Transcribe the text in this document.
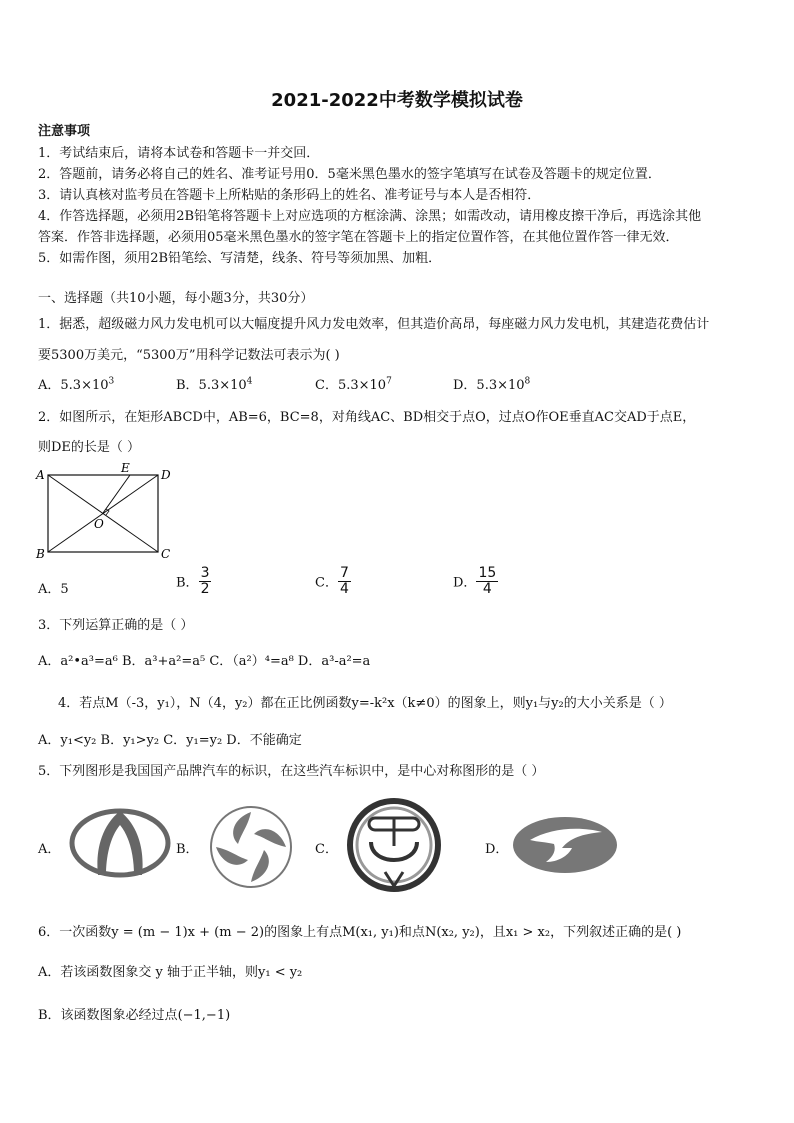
2021-2022中考数学模拟试卷
注意事项
1．考试结束后，请将本试卷和答题卡一并交回．
2．答题前，请务必将自己的姓名、准考证号用0．5毫米黑色墨水的签字笔填写在试卷及答题卡的规定位置．
3．请认真核对监考员在答题卡上所粘贴的条形码上的姓名、准考证号与本人是否相符．
4．作答选择题，必须用2B铅笔将答题卡上对应选项的方框涂满、涂黑；如需改动，请用橡皮擦干净后，再选涂其他
答案．作答非选择题，必须用05毫米黑色墨水的签字笔在答题卡上的指定位置作答，在其他位置作答一律无效．
5．如需作图，须用2B铅笔绘、写清楚，线条、符号等须加黑、加粗．
一、选择题（共10小题，每小题3分，共30分）
1．据悉，超级磁力风力发电机可以大幅度提升风力发电效率，但其造价高昂，每座磁力风力发电机，其建造花费估计
要5300万美元，“5300万”用科学记数法可表示为( )
A．$5.3\times 10^3$	B．$5.3\times 10^4$	C．$5.3\times 10^7$	D．$5.3\times 10^8$
2．如图所示，在矩形ABCD中，AB=6，BC=8，对角线AC、BD相交于点O，过点O作OE垂直AC交AD于点E，
则DE的长是（ ）
A
B	C
D
E
O
A．5	B． $\frac{3}{2}$	C． $\frac{7}{4}$	D． $\frac{15}{4}$
3．下列运算正确的是（ ）
A．a²•a³=a⁶ B．a³+a²=a⁵ C．（a²）⁴=a⁸ D．a³-a²=a
4．若点M（-3，y₁），N（4，y₂）都在正比例函数y=-k²x（k≠0）的图象上，则y₁与y₂的大小关系是（ ）
A．y₁<y₂ B．y₁>y₂ C．y₁=y₂ D．不能确定
5．下列图形是我国国产品牌汽车的标识，在这些汽车标识中，是中心对称图形的是（ ）
A．	B．	C．	D．
6．一次函数y = (m − 1)x + (m − 2)的图象上有点M(x₁, y₁)和点N(x₂, y₂)，且x₁ > x₂，下列叙述正确的是( )
A．若该函数图象交 y 轴于正半轴，则y₁ < y₂
B．该函数图象必经过点(−1,−1)
